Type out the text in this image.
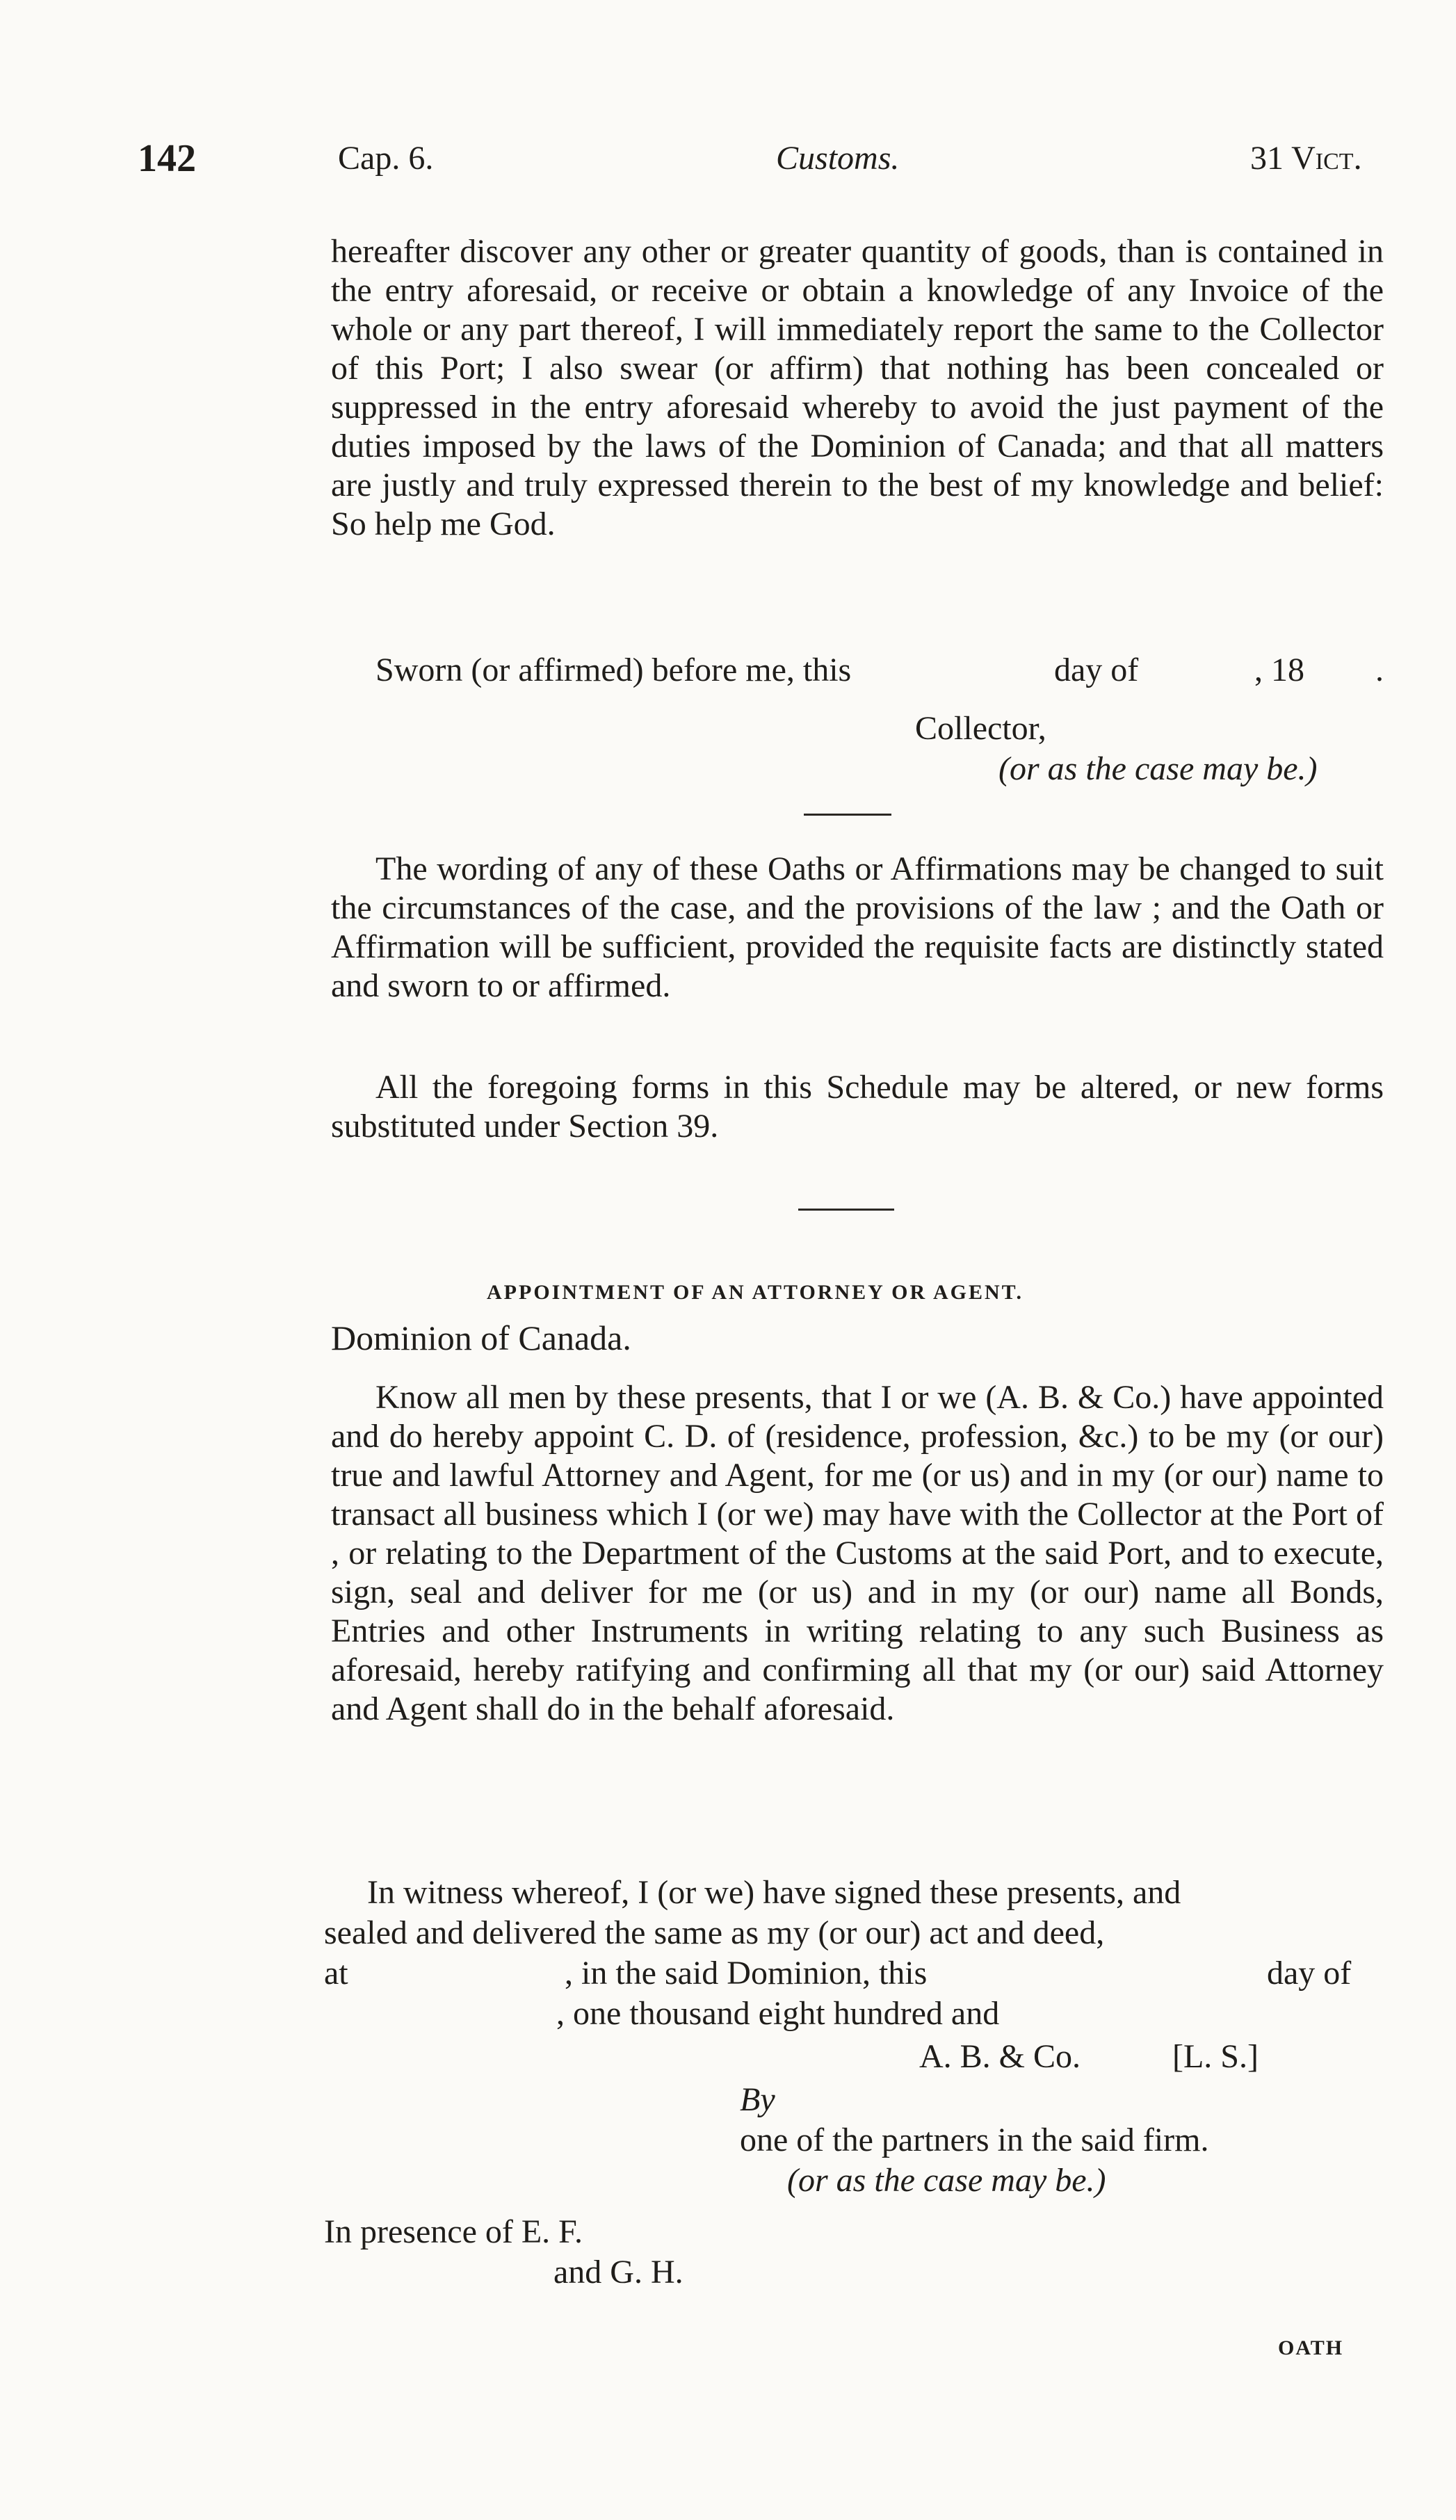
142	Cap. 6.	Customs.	31 Vict.

hereafter discover any other or greater quantity of goods, than is contained in the entry aforesaid, or receive or obtain a knowledge of any Invoice of the whole or any part thereof, I will immediately report the same to the Collector of this Port; I also swear (or affirm) that nothing has been concealed or suppressed in the entry aforesaid whereby to avoid the just payment of the duties imposed by the laws of the Dominion of Canada; and that all matters are justly and truly expressed therein to the best of my knowledge and belief: So help me God.

Sworn (or affirmed) before me, this	day of	, 18 .
Collector,
(or as the case may be.)

The wording of any of these Oaths or Affirmations may be changed to suit the circumstances of the case, and the provisions of the law ; and the Oath or Affirmation will be sufficient, provided the requisite facts are distinctly stated and sworn to or affirmed.

All the foregoing forms in this Schedule may be altered, or new forms substituted under Section 39.

APPOINTMENT OF AN ATTORNEY OR AGENT.
Dominion of Canada.

Know all men by these presents, that I or we (A. B. & Co.) have appointed and do hereby appoint C. D. of (residence, profession, &c.) to be my (or our) true and lawful Attorney and Agent, for me (or us) and in my (or our) name to transact all business which I (or we) may have with the Collector at the Port of , or relating to the Department of the Customs at the said Port, and to execute, sign, seal and deliver for me (or us) and in my (or our) name all Bonds, Entries and other Instruments in writing relating to any such Business as aforesaid, hereby ratifying and confirming all that my (or our) said Attorney and Agent shall do in the behalf aforesaid.

In witness whereof, I (or we) have signed these presents, and
sealed and delivered the same as my (or our) act and deed,
at	, in the said Dominion, this	day of
, one thousand eight hundred and
A. B. & Co.	[L. S.]
By
one of the partners in the said firm.
(or as the case may be.)
In presence of E. F.
and G. H.
OATH
